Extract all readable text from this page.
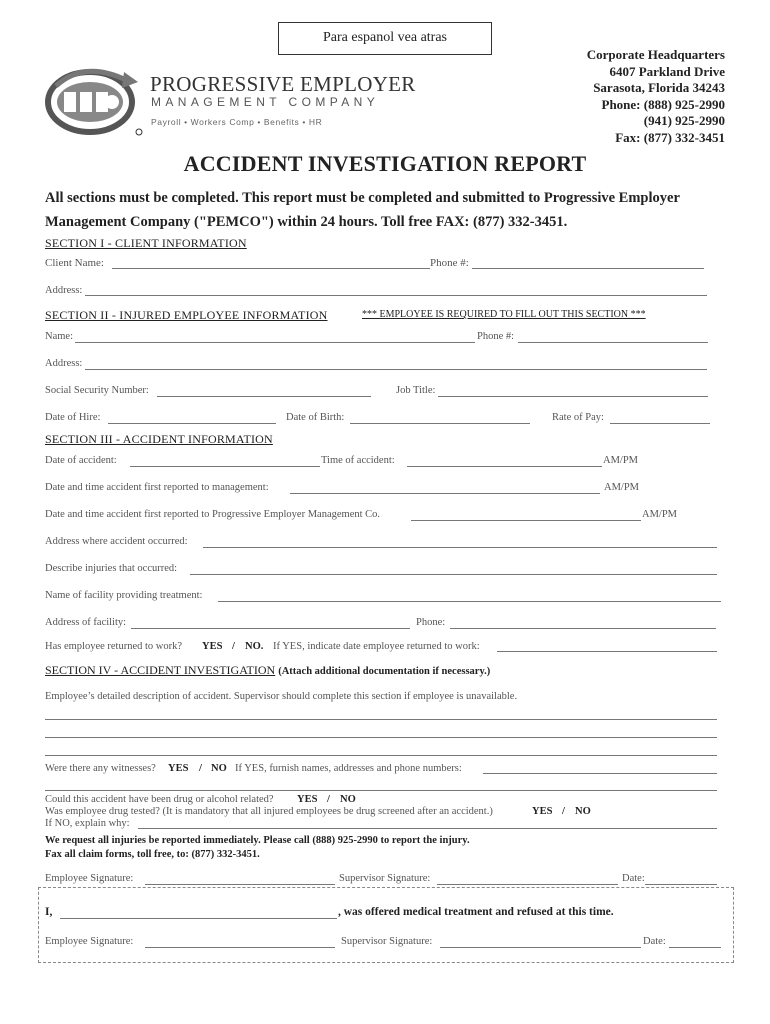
Para espanol vea atras
Corporate Headquarters
6407 Parkland Drive
Sarasota, Florida 34243
Phone: (888) 925-2990
(941) 925-2990
Fax: (877) 332-3451
PROGRESSIVE EMPLOYER
MANAGEMENT COMPANY
Payroll • Workers Comp • Benefits • HR
ACCIDENT INVESTIGATION REPORT
All sections must be completed. This report must be completed and submitted to Progressive Employer Management Company ("PEMCO") within 24 hours. Toll free FAX: (877) 332-3451.
SECTION I - CLIENT INFORMATION
Client Name:	Phone #:
Address:
SECTION II - INJURED EMPLOYEE INFORMATION	*** EMPLOYEE IS REQUIRED TO FILL OUT THIS SECTION ***
Name:	Phone #:
Address:
Social Security Number:	Job Title:
Date of Hire:	Date of Birth:	Rate of Pay:
SECTION III - ACCIDENT INFORMATION
Date of accident:	Time of accident:	AM/PM
Date and time accident first reported to management:	AM/PM
Date and time accident first reported to Progressive Employer Management Co.	AM/PM
Address where accident occurred:
Describe injuries that occurred:
Name of facility providing treatment:
Address of facility:	Phone:
Has employee returned to work? YES / NO. If YES, indicate date employee returned to work:
SECTION IV - ACCIDENT INVESTIGATION (Attach additional documentation if necessary.)
Employee’s detailed description of accident. Supervisor should complete this section if employee is unavailable.
Were there any witnesses? YES / NO If YES, furnish names, addresses and phone numbers:
Could this accident have been drug or alcohol related? YES / NO
Was employee drug tested? (It is mandatory that all injured employees be drug screened after an accident.)	YES / NO
If NO, explain why:
We request all injuries be reported immediately. Please call (888) 925-2990 to report the injury.
Fax all claim forms, toll free, to: (877) 332-3451.
Employee Signature:	Supervisor Signature:	Date:
I,	, was offered medical treatment and refused at this time.
Employee Signature:	Supervisor Signature:	Date:
